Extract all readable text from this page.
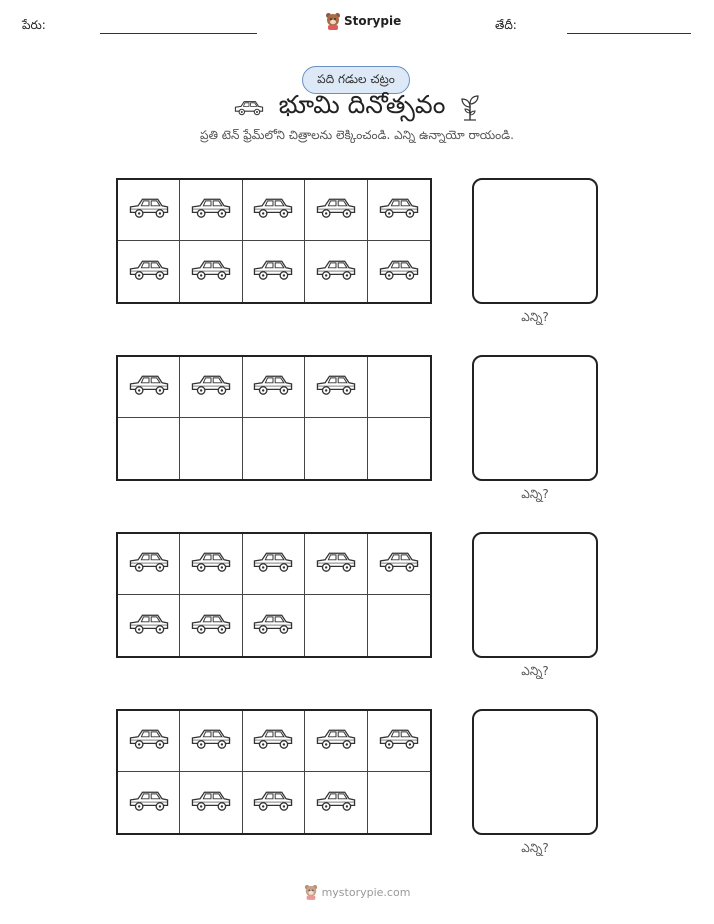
పేరు:	Storypie	తేదీ:
పది గడుల చట్రం
భూమి దినోత్సవం
ప్రతి టెన్ ఫ్రేమ్‌లోని చిత్రాలను లెక్కించండి. ఎన్ని ఉన్నాయో రాయండి.
ఎన్ని?
ఎన్ని?
ఎన్ని?
ఎన్ని?
mystorypie.com
